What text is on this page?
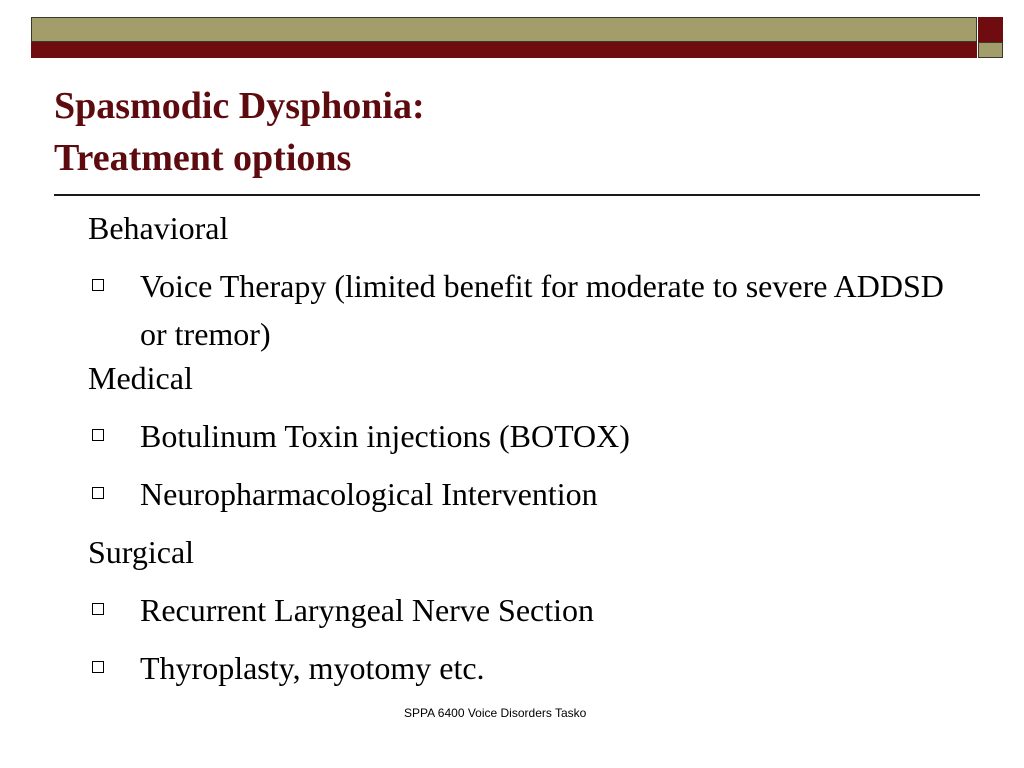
Spasmodic Dysphonia:
Treatment options
Behavioral
Voice Therapy (limited benefit for moderate to severe ADDSD or tremor)
Medical
Botulinum Toxin injections (BOTOX)
Neuropharmacological Intervention
Surgical
Recurrent Laryngeal Nerve Section
Thyroplasty, myotomy etc.
SPPA 6400 Voice Disorders Tasko
